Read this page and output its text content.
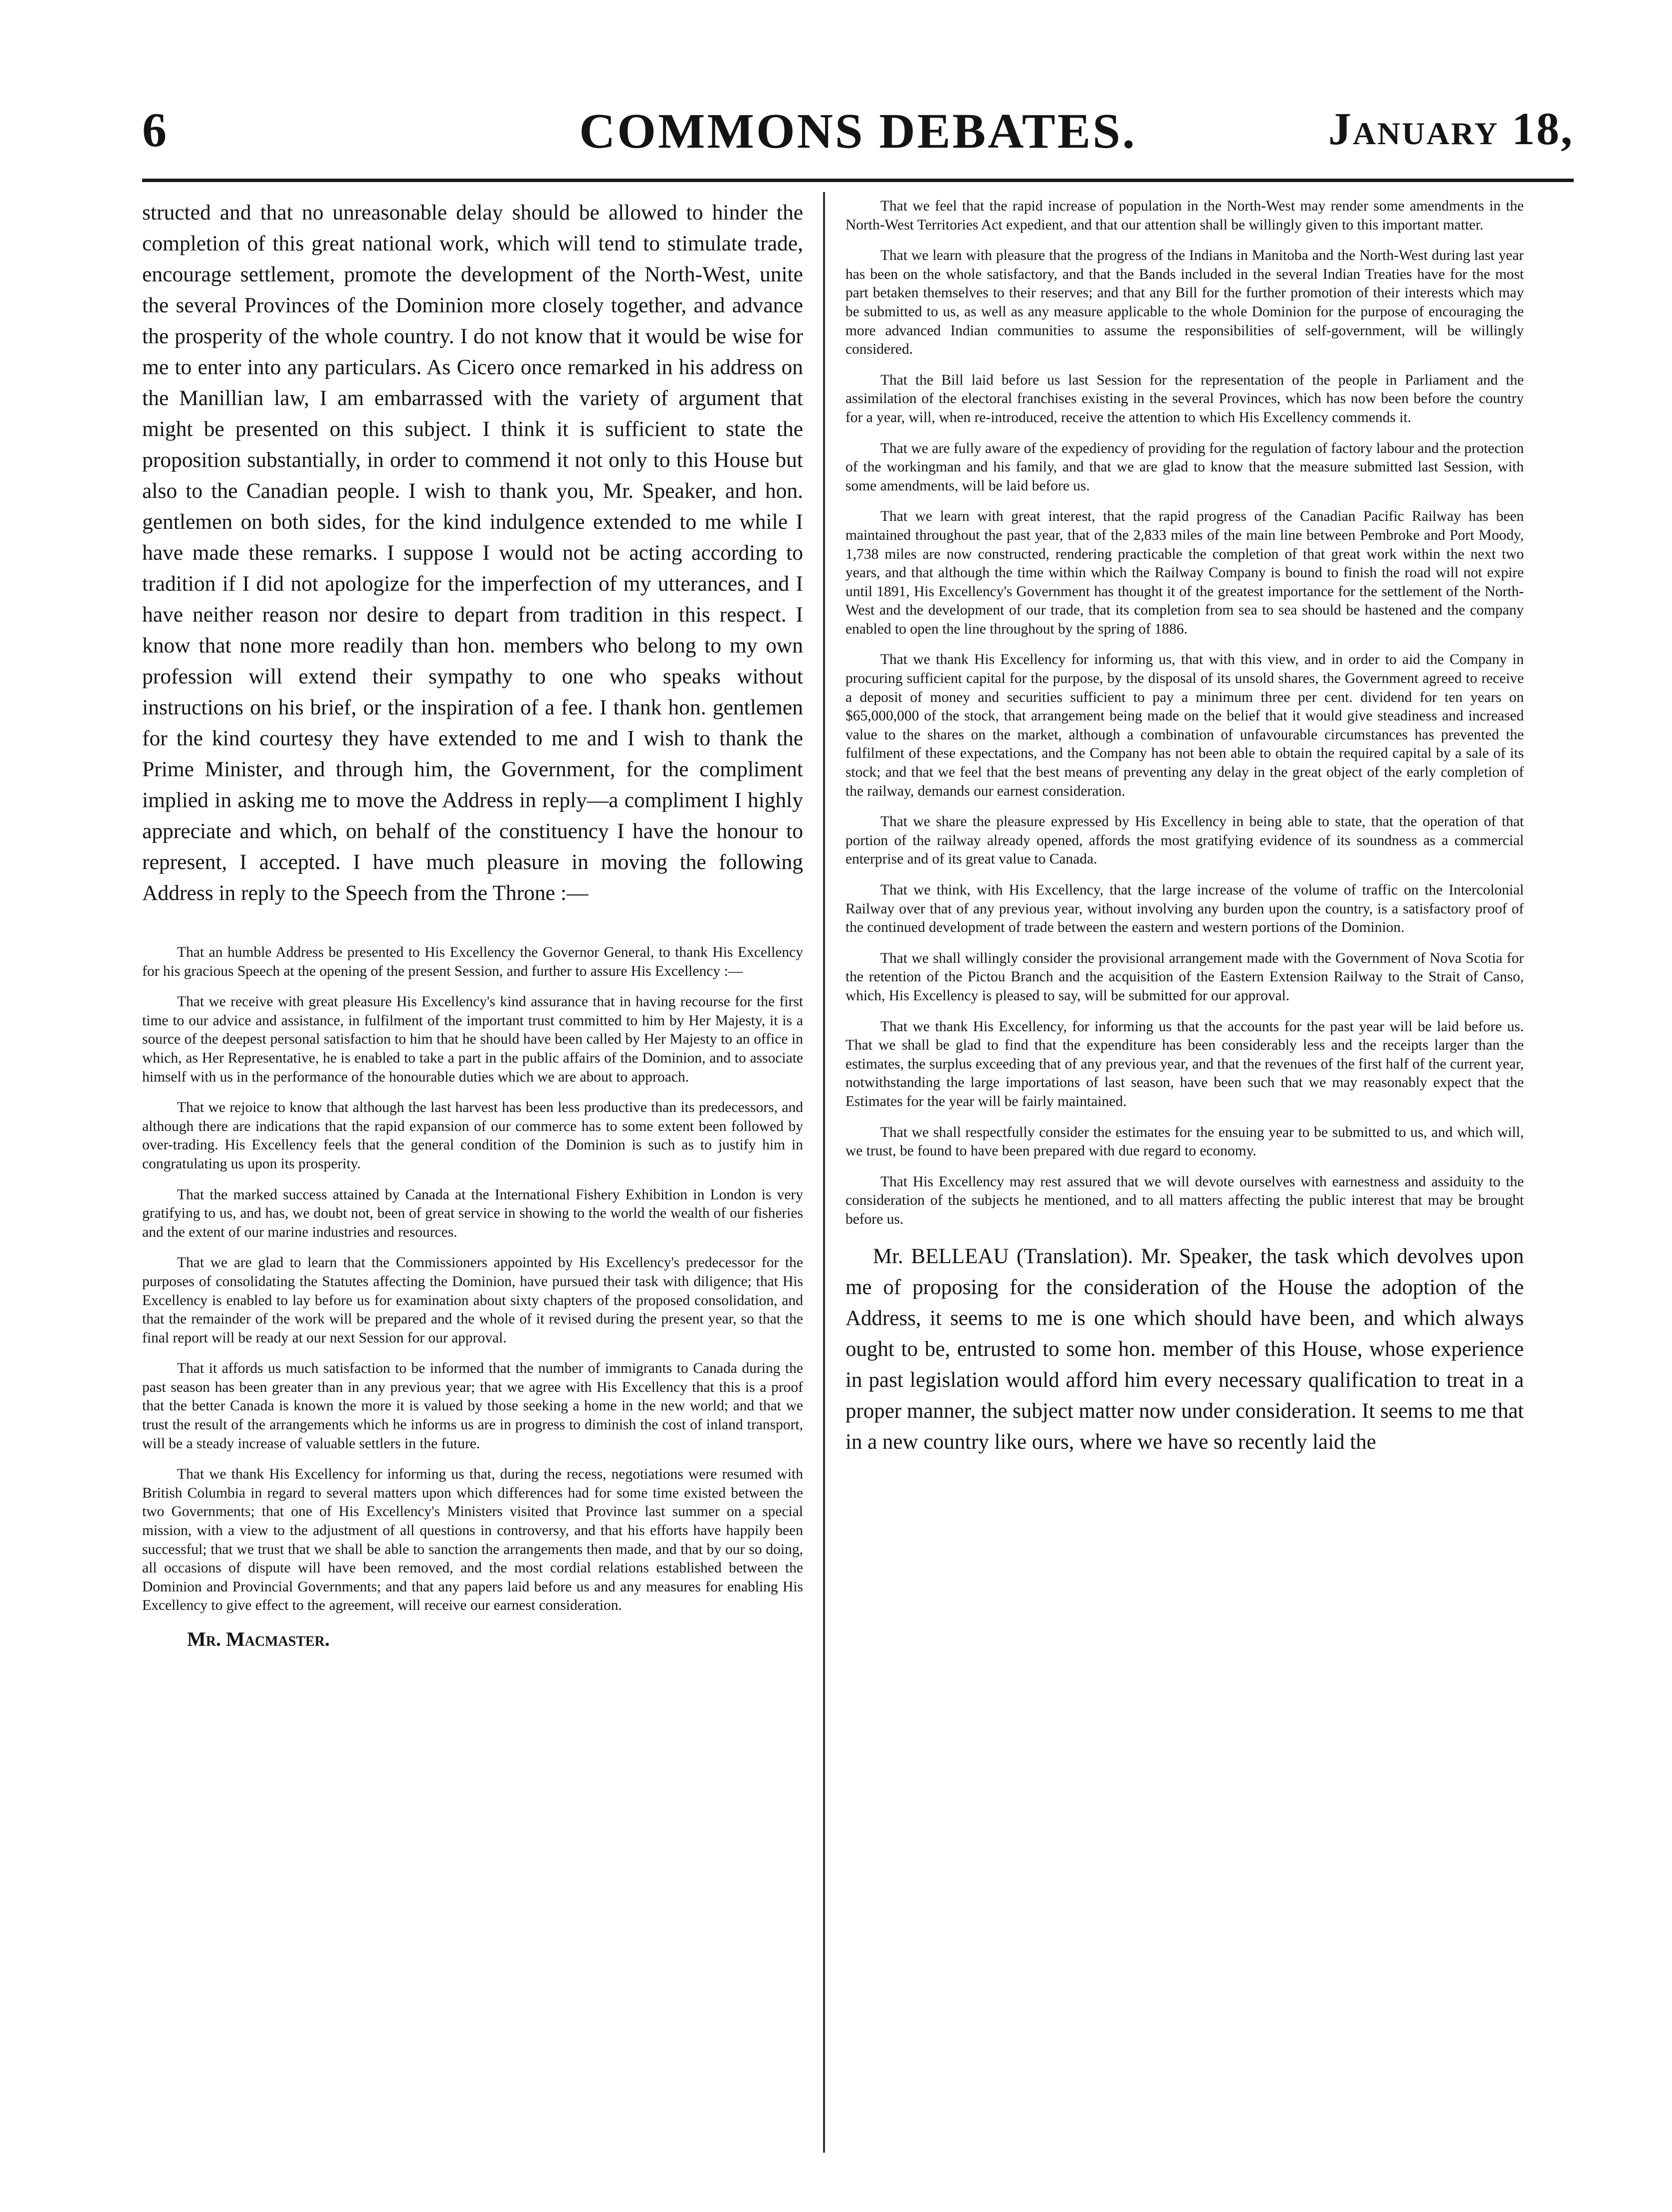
6	COMMONS DEBATES.	January 18,

structed and that no unreasonable delay should be allowed to hinder the completion of this great national work, which will tend to stimulate trade, encourage settlement, promote the development of the North-West, unite the several Provinces of the Dominion more closely together, and advance the prosperity of the whole country. I do not know that it would be wise for me to enter into any particulars. As Cicero once remarked in his address on the Manillian law, I am embarrassed with the variety of argument that might be presented on this subject. I think it is sufficient to state the proposition substantially, in order to commend it not only to this House but also to the Canadian people. I wish to thank you, Mr. Speaker, and hon. gentlemen on both sides, for the kind indulgence extended to me while I have made these remarks. I suppose I would not be acting according to tradition if I did not apologize for the imperfection of my utterances, and I have neither reason nor desire to depart from tradition in this respect. I know that none more readily than hon. members who belong to my own profession will extend their sympathy to one who speaks without instructions on his brief, or the inspiration of a fee. I thank hon. gentlemen for the kind courtesy they have extended to me and I wish to thank the Prime Minister, and through him, the Government, for the compliment implied in asking me to move the Address in reply—a compliment I highly appreciate and which, on behalf of the constituency I have the honour to represent, I accepted. I have much pleasure in moving the following Address in reply to the Speech from the Throne :—

That an humble Address be presented to His Excellency the Governor General, to thank His Excellency for his gracious Speech at the opening of the present Session, and further to assure His Excellency :—

That we receive with great pleasure His Excellency's kind assurance that in having recourse for the first time to our advice and assistance, in fulfilment of the important trust committed to him by Her Majesty, it is a source of the deepest personal satisfaction to him that he should have been called by Her Majesty to an office in which, as Her Representative, he is enabled to take a part in the public affairs of the Dominion, and to associate himself with us in the performance of the honourable duties which we are about to approach.

That we rejoice to know that although the last harvest has been less productive than its predecessors, and although there are indications that the rapid expansion of our commerce has to some extent been followed by over-trading. His Excellency feels that the general condition of the Dominion is such as to justify him in congratulating us upon its prosperity.

That the marked success attained by Canada at the International Fishery Exhibition in London is very gratifying to us, and has, we doubt not, been of great service in showing to the world the wealth of our fisheries and the extent of our marine industries and resources.

That we are glad to learn that the Commissioners appointed by His Excellency's predecessor for the purposes of consolidating the Statutes affecting the Dominion, have pursued their task with diligence; that His Excellency is enabled to lay before us for examination about sixty chapters of the proposed consolidation, and that the remainder of the work will be prepared and the whole of it revised during the present year, so that the final report will be ready at our next Session for our approval.

That it affords us much satisfaction to be informed that the number of immigrants to Canada during the past season has been greater than in any previous year; that we agree with His Excellency that this is a proof that the better Canada is known the more it is valued by those seeking a home in the new world; and that we trust the result of the arrangements which he informs us are in progress to diminish the cost of inland transport, will be a steady increase of valuable settlers in the future.

That we thank His Excellency for informing us that, during the recess, negotiations were resumed with British Columbia in regard to several matters upon which differences had for some time existed between the two Governments; that one of His Excellency's Ministers visited that Province last summer on a special mission, with a view to the adjustment of all questions in controversy, and that his efforts have happily been successful; that we trust that we shall be able to sanction the arrangements then made, and that by our so doing, all occasions of dispute will have been removed, and the most cordial relations established between the Dominion and Provincial Governments; and that any papers laid before us and any measures for enabling His Excellency to give effect to the agreement, will receive our earnest consideration.

Mr. Macmaster.

That we feel that the rapid increase of population in the North-West may render some amendments in the North-West Territories Act expedient, and that our attention shall be willingly given to this important matter.

That we learn with pleasure that the progress of the Indians in Manitoba and the North-West during last year has been on the whole satisfactory, and that the Bands included in the several Indian Treaties have for the most part betaken themselves to their reserves; and that any Bill for the further promotion of their interests which may be submitted to us, as well as any measure applicable to the whole Dominion for the purpose of encouraging the more advanced Indian communities to assume the responsibilities of self-government, will be willingly considered.

That the Bill laid before us last Session for the representation of the people in Parliament and the assimilation of the electoral franchises existing in the several Provinces, which has now been before the country for a year, will, when re-introduced, receive the attention to which His Excellency commends it.

That we are fully aware of the expediency of providing for the regulation of factory labour and the protection of the workingman and his family, and that we are glad to know that the measure submitted last Session, with some amendments, will be laid before us.

That we learn with great interest, that the rapid progress of the Canadian Pacific Railway has been maintained throughout the past year, that of the 2,833 miles of the main line between Pembroke and Port Moody, 1,738 miles are now constructed, rendering practicable the completion of that great work within the next two years, and that although the time within which the Railway Company is bound to finish the road will not expire until 1891, His Excellency's Government has thought it of the greatest importance for the settlement of the North-West and the development of our trade, that its completion from sea to sea should be hastened and the company enabled to open the line throughout by the spring of 1886.

That we thank His Excellency for informing us, that with this view, and in order to aid the Company in procuring sufficient capital for the purpose, by the disposal of its unsold shares, the Government agreed to receive a deposit of money and securities sufficient to pay a minimum three per cent. dividend for ten years on $65,000,000 of the stock, that arrangement being made on the belief that it would give steadiness and increased value to the shares on the market, although a combination of unfavourable circumstances has prevented the fulfilment of these expectations, and the Company has not been able to obtain the required capital by a sale of its stock; and that we feel that the best means of preventing any delay in the great object of the early completion of the railway, demands our earnest consideration.

That we share the pleasure expressed by His Excellency in being able to state, that the operation of that portion of the railway already opened, affords the most gratifying evidence of its soundness as a commercial enterprise and of its great value to Canada.

That we think, with His Excellency, that the large increase of the volume of traffic on the Intercolonial Railway over that of any previous year, without involving any burden upon the country, is a satisfactory proof of the continued development of trade between the eastern and western portions of the Dominion.

That we shall willingly consider the provisional arrangement made with the Government of Nova Scotia for the retention of the Pictou Branch and the acquisition of the Eastern Extension Railway to the Strait of Canso, which, His Excellency is pleased to say, will be submitted for our approval.

That we thank His Excellency, for informing us that the accounts for the past year will be laid before us. That we shall be glad to find that the expenditure has been considerably less and the receipts larger than the estimates, the surplus exceeding that of any previous year, and that the revenues of the first half of the current year, notwithstanding the large importations of last season, have been such that we may reasonably expect that the Estimates for the year will be fairly maintained.

That we shall respectfully consider the estimates for the ensuing year to be submitted to us, and which will, we trust, be found to have been prepared with due regard to economy.

That His Excellency may rest assured that we will devote ourselves with earnestness and assiduity to the consideration of the subjects he mentioned, and to all matters affecting the public interest that may be brought before us.

Mr. BELLEAU (Translation). Mr. Speaker, the task which devolves upon me of proposing for the consideration of the House the adoption of the Address, it seems to me is one which should have been, and which always ought to be, entrusted to some hon. member of this House, whose experience in past legislation would afford him every necessary qualification to treat in a proper manner, the subject matter now under consideration. It seems to me that in a new country like ours, where we have so recently laid the
